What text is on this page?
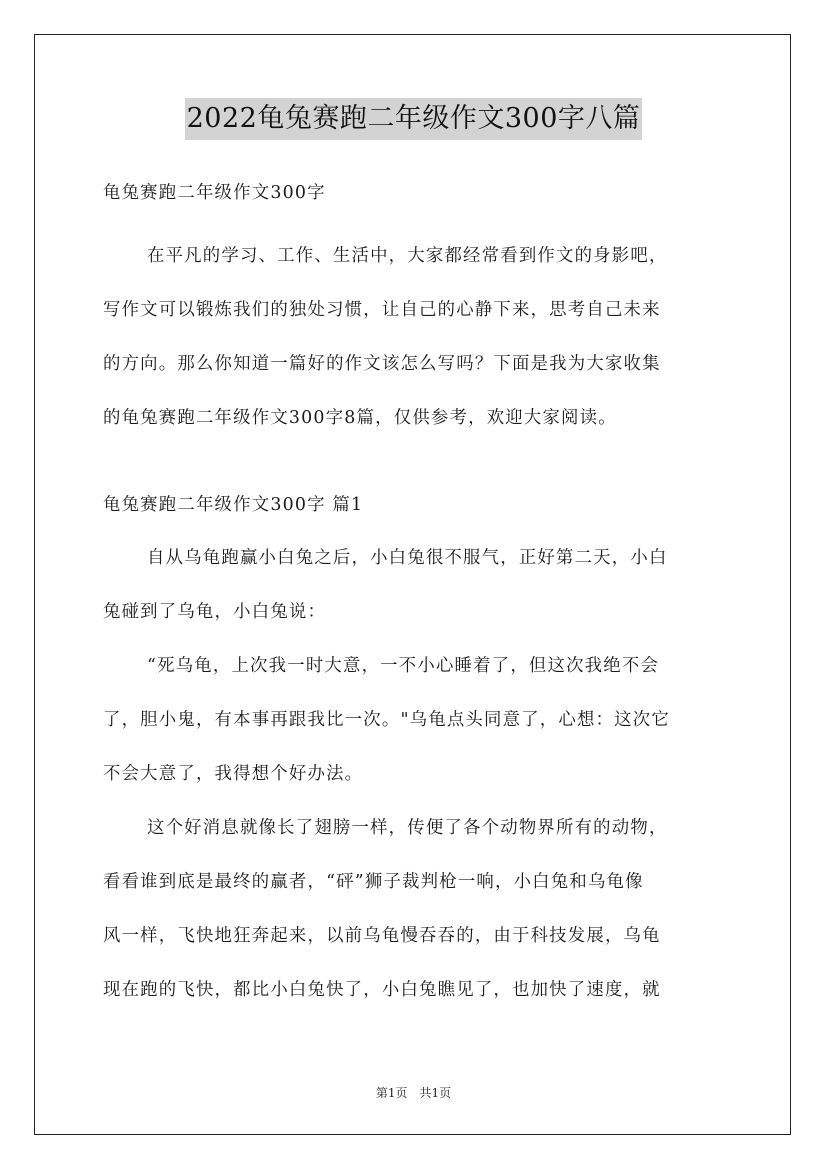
2022龟兔赛跑二年级作文300字八篇
龟兔赛跑二年级作文300字
在平凡的学习、工作、生活中，大家都经常看到作文的身影吧，
写作文可以锻炼我们的独处习惯，让自己的心静下来，思考自己未来
的方向。那么你知道一篇好的作文该怎么写吗？下面是我为大家收集
的龟兔赛跑二年级作文300字8篇，仅供参考，欢迎大家阅读。
龟兔赛跑二年级作文300字 篇1
自从乌龟跑赢小白兔之后，小白兔很不服气，正好第二天，小白
兔碰到了乌龟，小白兔说：
“死乌龟，上次我一时大意，一不小心睡着了，但这次我绝不会
了，胆小鬼，有本事再跟我比一次。"乌龟点头同意了，心想：这次它
不会大意了，我得想个好办法。
这个好消息就像长了翅膀一样，传便了各个动物界所有的动物，
看看谁到底是最终的赢者，“砰”狮子裁判枪一响，小白兔和乌龟像
风一样，飞快地狂奔起来，以前乌龟慢吞吞的，由于科技发展，乌龟
现在跑的飞快，都比小白兔快了，小白兔瞧见了，也加快了速度，就
第1页　共1页
